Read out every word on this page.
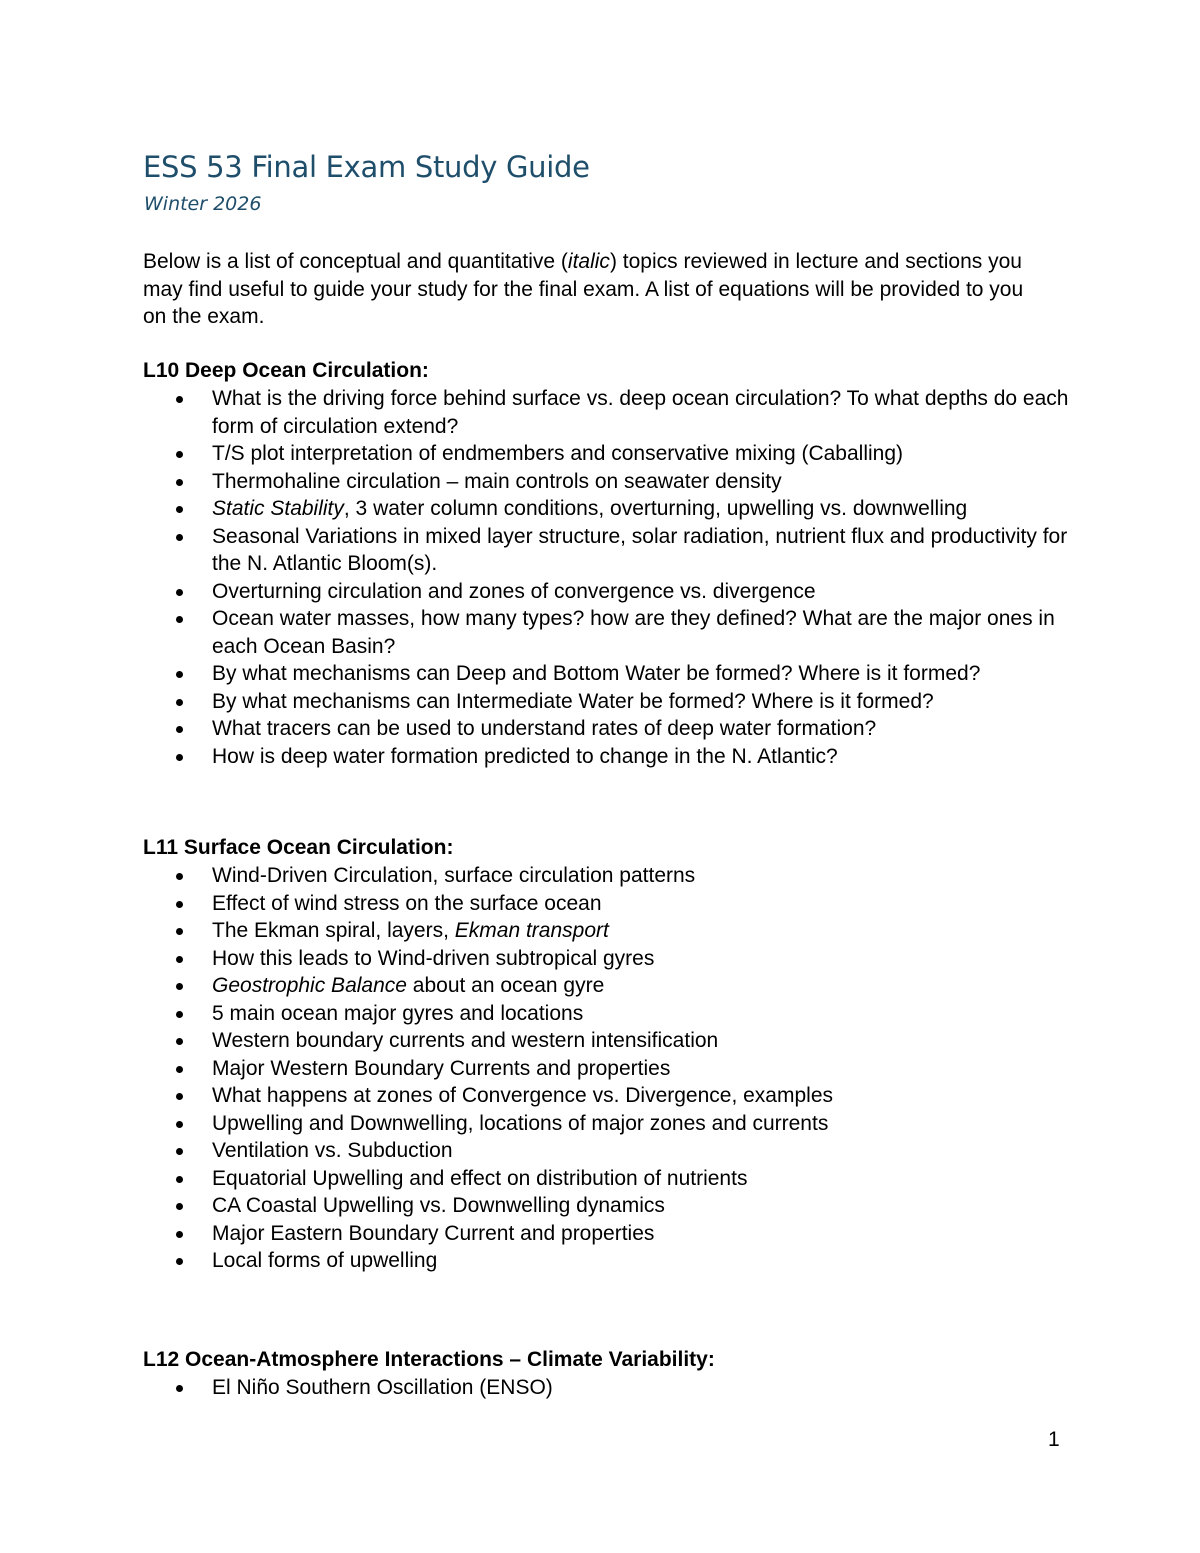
ESS 53 Final Exam Study Guide

Winter 2026

Below is a list of conceptual and quantitative (italic) topics reviewed in lecture and sections you may find useful to guide your study for the final exam. A list of equations will be provided to you on the exam.

L10 Deep Ocean Circulation:
What is the driving force behind surface vs. deep ocean circulation? To what depths do each form of circulation extend?
T/S plot interpretation of endmembers and conservative mixing (Caballing)
Thermohaline circulation – main controls on seawater density
Static Stability, 3 water column conditions, overturning, upwelling vs. downwelling
Seasonal Variations in mixed layer structure, solar radiation, nutrient flux and productivity for the N. Atlantic Bloom(s).
Overturning circulation and zones of convergence vs. divergence
Ocean water masses, how many types? how are they defined? What are the major ones in each Ocean Basin?
By what mechanisms can Deep and Bottom Water be formed? Where is it formed?
By what mechanisms can Intermediate Water be formed? Where is it formed?
What tracers can be used to understand rates of deep water formation?
How is deep water formation predicted to change in the N. Atlantic?
L11 Surface Ocean Circulation:
Wind-Driven Circulation, surface circulation patterns
Effect of wind stress on the surface ocean
The Ekman spiral, layers, Ekman transport
How this leads to Wind-driven subtropical gyres
Geostrophic Balance about an ocean gyre
5 main ocean major gyres and locations
Western boundary currents and western intensification
Major Western Boundary Currents and properties
What happens at zones of Convergence vs. Divergence, examples
Upwelling and Downwelling, locations of major zones and currents
Ventilation vs. Subduction
Equatorial Upwelling and effect on distribution of nutrients
CA Coastal Upwelling vs. Downwelling dynamics
Major Eastern Boundary Current and properties
Local forms of upwelling
L12 Ocean-Atmosphere Interactions – Climate Variability:
El Niño Southern Oscillation (ENSO)
1
